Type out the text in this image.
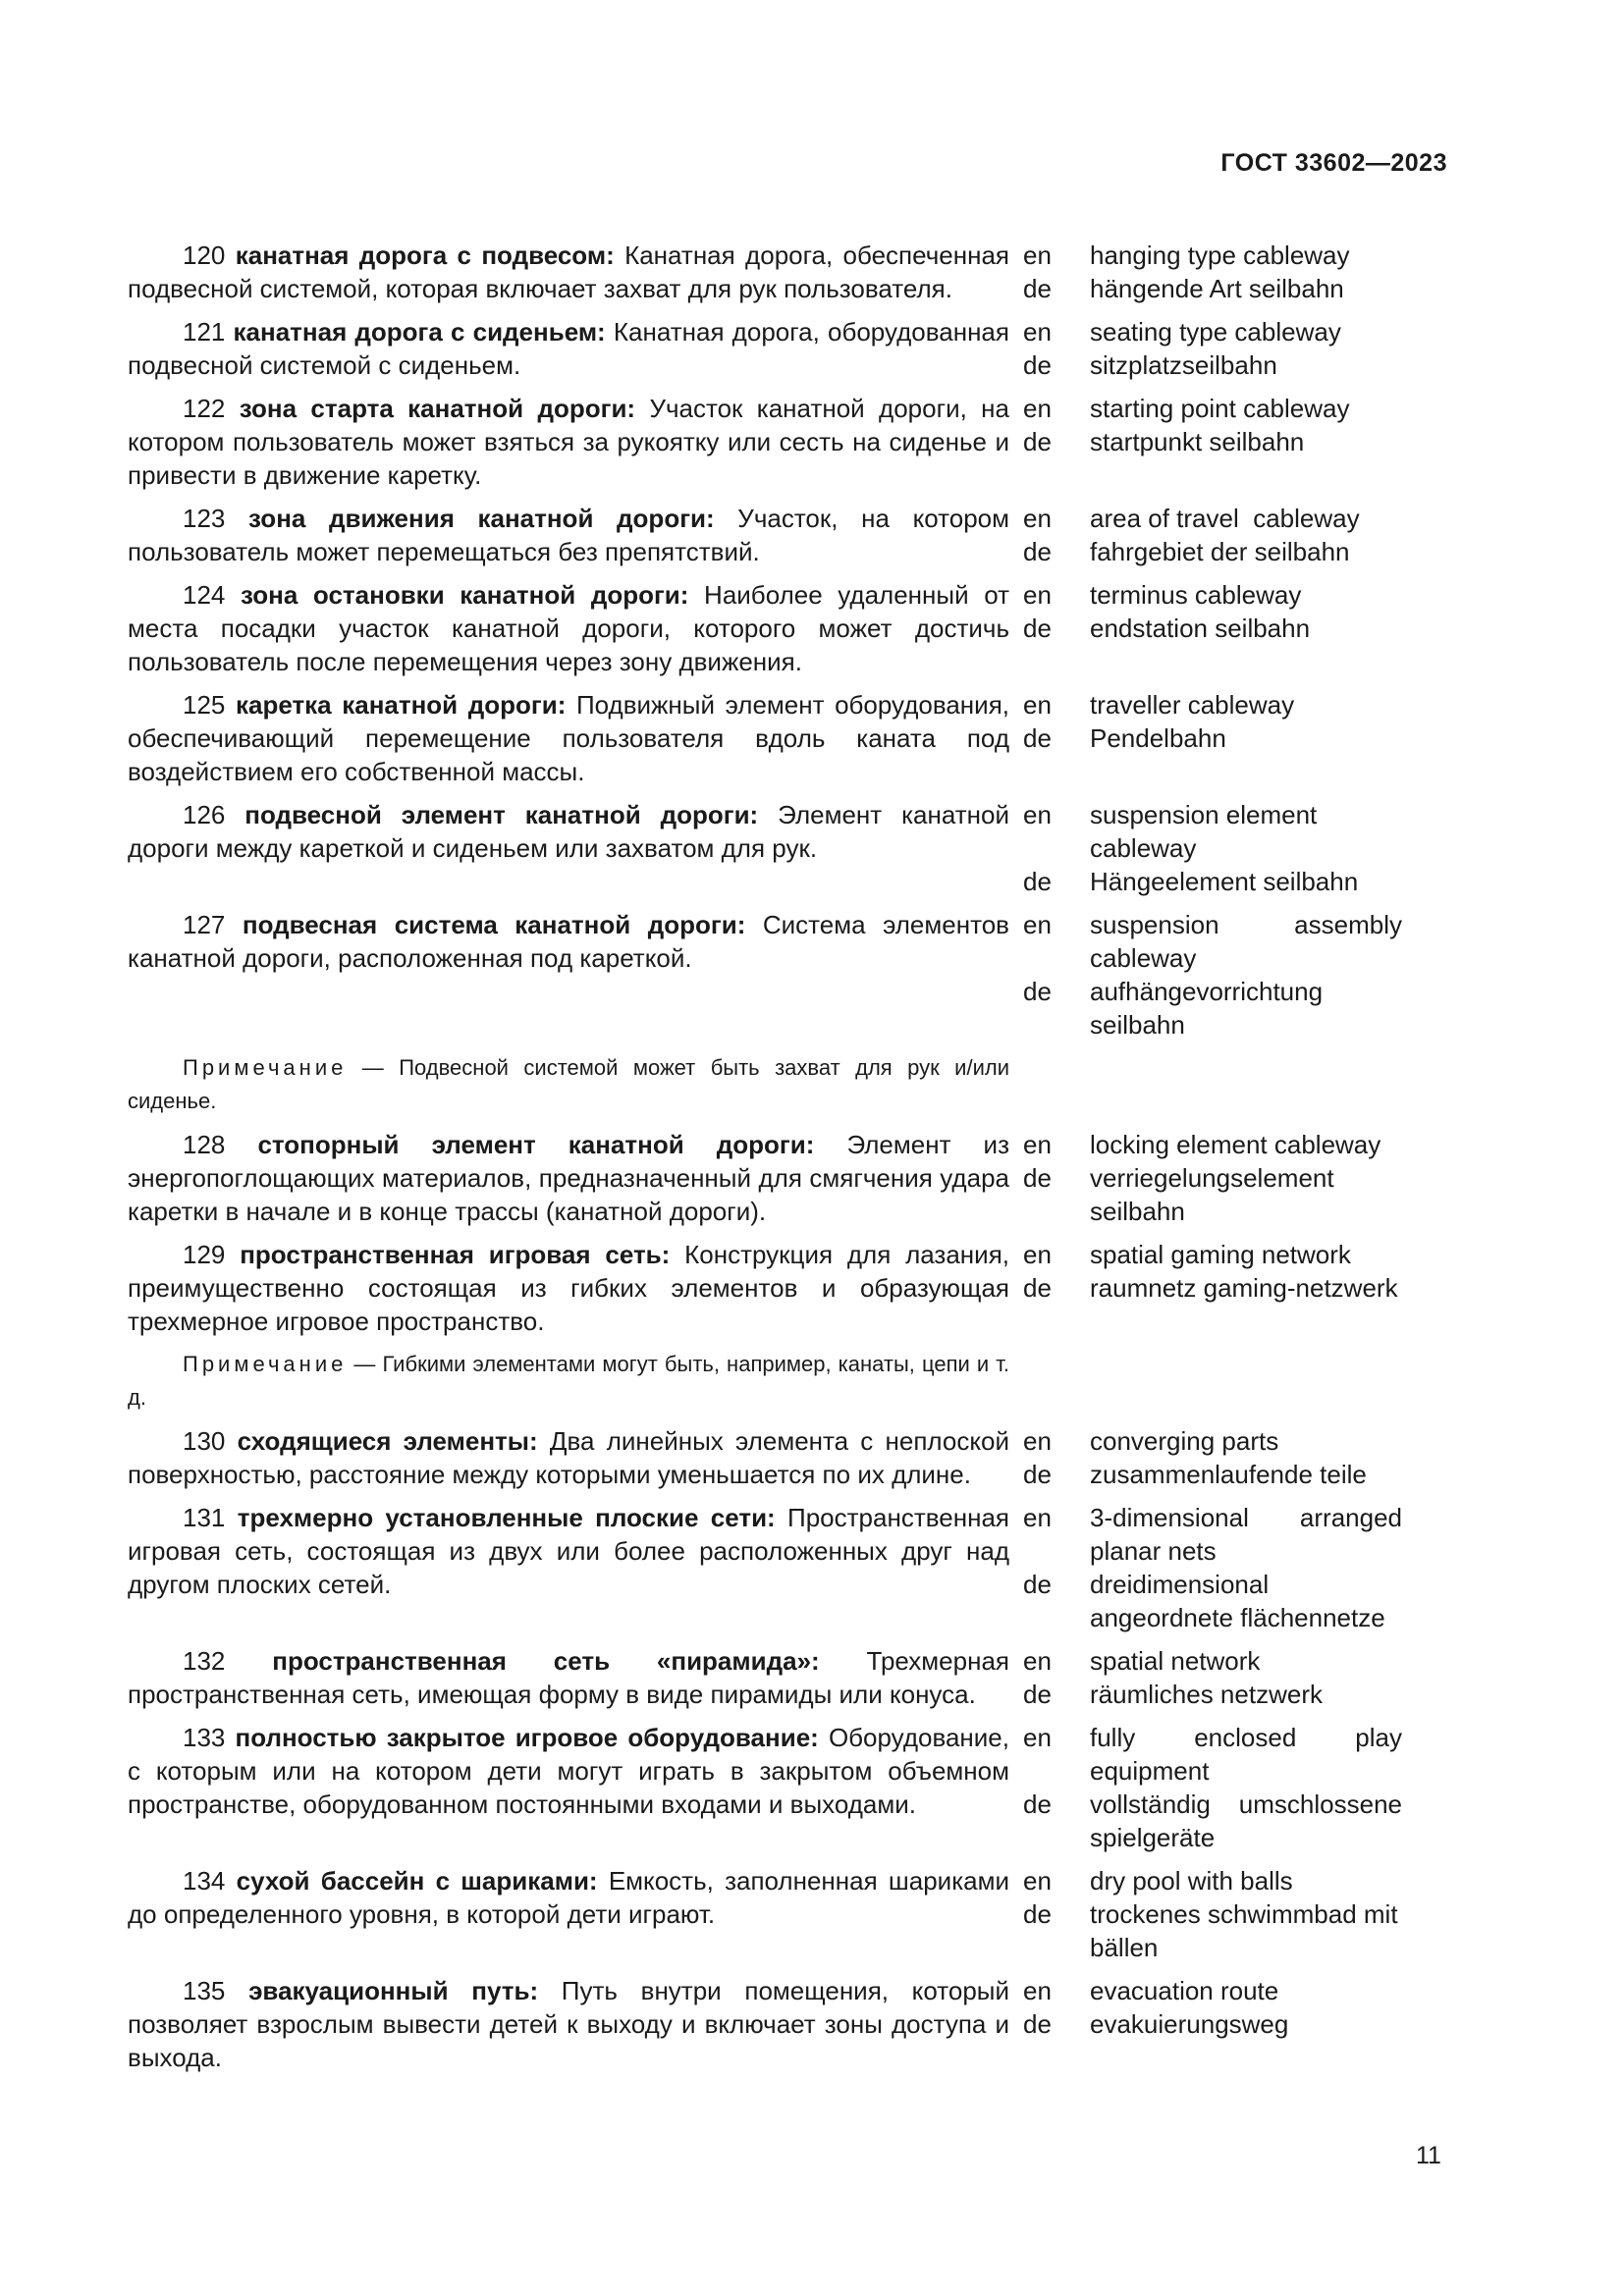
ГОСТ 33602—2023
120 канатная дорога с подвесом: Канатная дорога, обеспеченная подвесной системой, которая включает захват для рук пользователя.
en	hanging type cableway
de	hängende Art seilbahn
121 канатная дорога с сиденьем: Канатная дорога, оборудованная подвесной системой с сиденьем.
en	seating type cableway
de	sitzplatzseilbahn
122 зона старта канатной дороги: Участок канатной дороги, на котором пользователь может взяться за рукоятку или сесть на сиденье и привести в движение каретку.
en	starting point cableway
de	startpunkt seilbahn
123 зона движения канатной дороги: Участок, на котором пользователь может перемещаться без препятствий.
en	area of travel  cableway
de	fahrgebiet der seilbahn
124 зона остановки канатной дороги: Наиболее удаленный от места посадки участок канатной дороги, которого может достичь пользователь после перемещения через зону движения.
en	terminus cableway
de	endstation seilbahn
125 каретка канатной дороги: Подвижный элемент оборудования, обеспечивающий перемещение пользователя вдоль каната под воздействием его собственной массы.
en	traveller cableway
de	Pendelbahn
126 подвесной элемент канатной дороги: Элемент канатной дороги между кареткой и сиденьем или захватом для рук.
en	suspension element cableway
de	Hängeelement seilbahn
127 подвесная система канатной дороги: Система элементов канатной дороги, расположенная под кареткой.
en	suspension assembly cableway
de	aufhängevorrichtung seilbahn
Примечание — Подвесной системой может быть захват для рук и/или сиденье.
128 стопорный элемент канатной дороги: Элемент из энергопоглощающих материалов, предназначенный для смягчения удара каретки в начале и в конце трассы (канатной дороги).
en	locking element cableway
de	verriegelungselement seilbahn
129 пространственная игровая сеть: Конструкция для лазания, преимущественно состоящая из гибких элементов и образующая трехмерное игровое пространство.
en	spatial gaming network
de	raumnetz gaming-netzwerk
Примечание — Гибкими элементами могут быть, например, канаты, цепи и т. д.
130 сходящиеся элементы: Два линейных элемента с неплоской поверхностью, расстояние между которыми уменьшается по их длине.
en	converging parts
de	zusammenlaufende teile
131 трехмерно установленные плоские сети: Пространственная игровая сеть, состоящая из двух или более расположенных друг над другом плоских сетей.
en	3-dimensional arranged planar nets
de	dreidimensional angeordnete flächennetze
132 пространственная сеть «пирамида»: Трехмерная пространственная сеть, имеющая форму в виде пирамиды или конуса.
en	spatial network
de	räumliches netzwerk
133 полностью закрытое игровое оборудование: Оборудование, с которым или на котором дети могут играть в закрытом объемном пространстве, оборудованном постоянными входами и выходами.
en	fully enclosed play equipment
de	vollständig umschlossene spielgeräte
134 сухой бассейн с шариками: Емкость, заполненная шариками до определенного уровня, в которой дети играют.
en	dry pool with balls
de	trockenes schwimmbad mit bällen
135 эвакуационный путь: Путь внутри помещения, который позволяет взрослым вывести детей к выходу и включает зоны доступа и выхода.
en	evacuation route
de	evakuierungsweg
11
